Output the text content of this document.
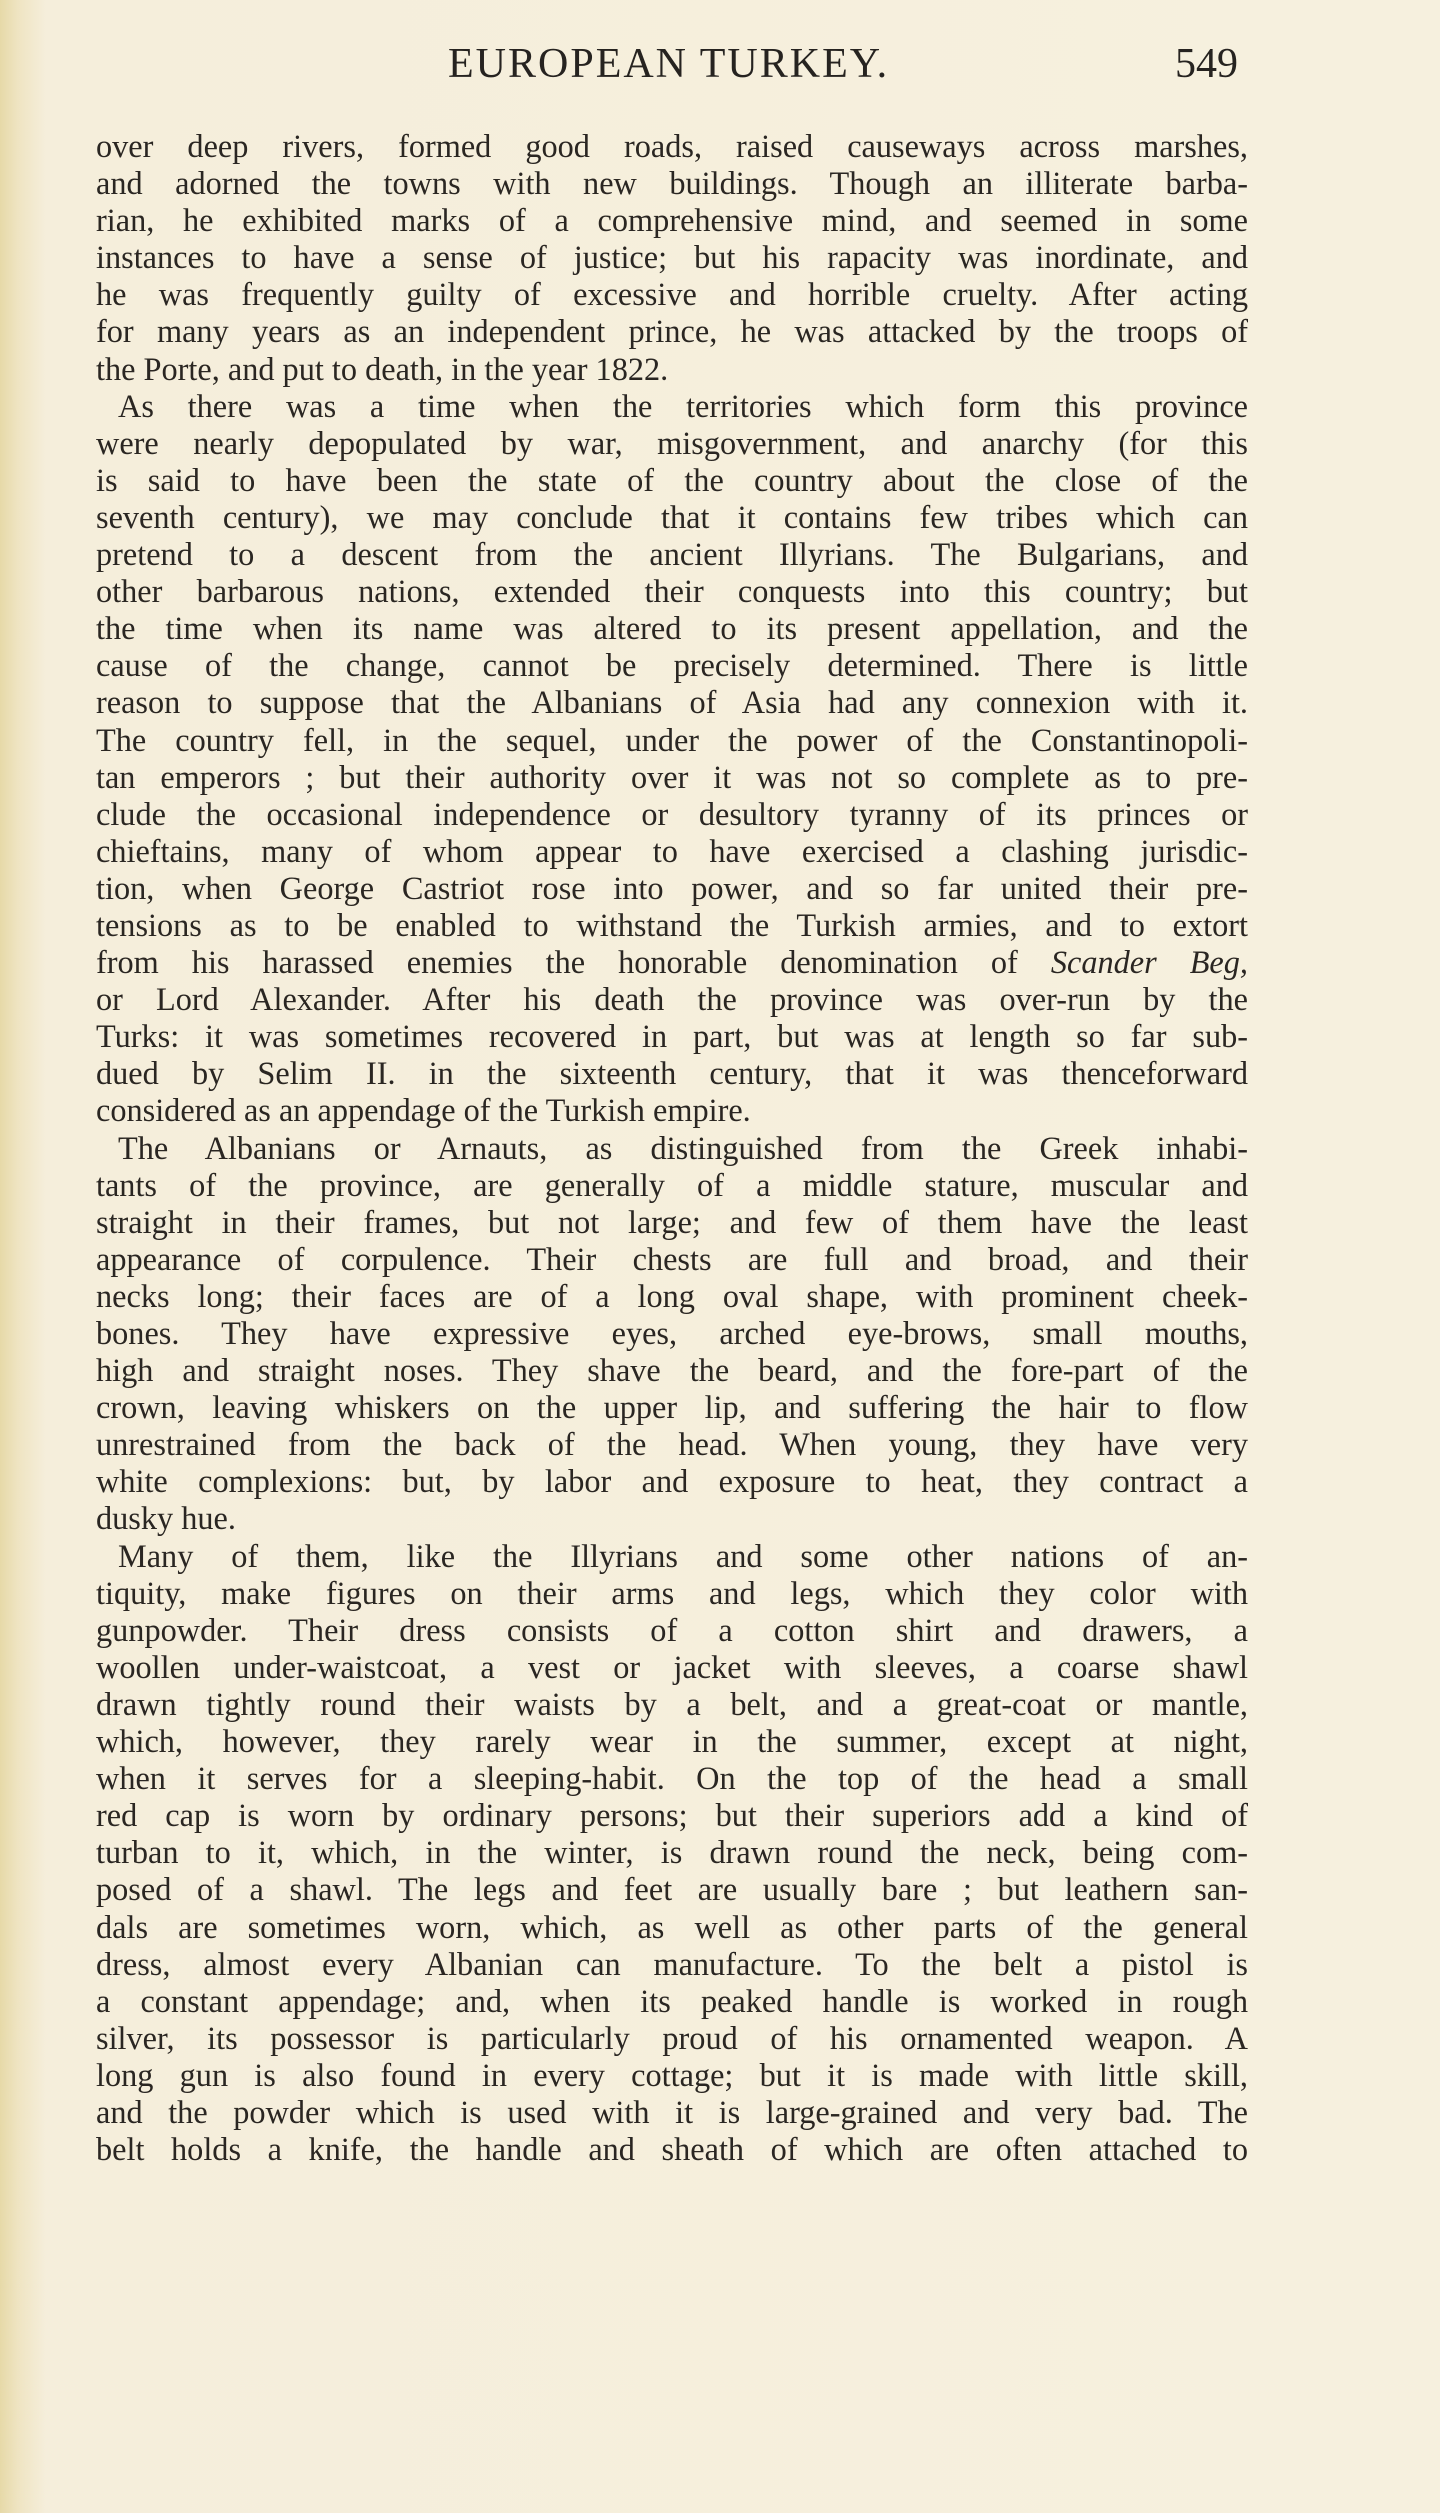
EUROPEAN TURKEY.	549
over deep rivers, formed good roads, raised causeways across marshes,
and adorned the towns with new buildings. Though an illiterate barba-
rian, he exhibited marks of a comprehensive mind, and seemed in some
instances to have a sense of justice; but his rapacity was inordinate, and
he was frequently guilty of excessive and horrible cruelty. After acting
for many years as an independent prince, he was attacked by the troops of
the Porte, and put to death, in the year 1822.
As there was a time when the territories which form this province
were nearly depopulated by war, misgovernment, and anarchy (for this
is said to have been the state of the country about the close of the
seventh century), we may conclude that it contains few tribes which can
pretend to a descent from the ancient Illyrians. The Bulgarians, and
other barbarous nations, extended their conquests into this country; but
the time when its name was altered to its present appellation, and the
cause of the change, cannot be precisely determined. There is little
reason to suppose that the Albanians of Asia had any connexion with it.
The country fell, in the sequel, under the power of the Constantinopoli-
tan emperors ; but their authority over it was not so complete as to pre-
clude the occasional independence or desultory tyranny of its princes or
chieftains, many of whom appear to have exercised a clashing jurisdic-
tion, when George Castriot rose into power, and so far united their pre-
tensions as to be enabled to withstand the Turkish armies, and to extort
from his harassed enemies the honorable denomination of Scander Beg,
or Lord Alexander. After his death the province was over-run by the
Turks: it was sometimes recovered in part, but was at length so far sub-
dued by Selim II. in the sixteenth century, that it was thenceforward
considered as an appendage of the Turkish empire.
The Albanians or Arnauts, as distinguished from the Greek inhabi-
tants of the province, are generally of a middle stature, muscular and
straight in their frames, but not large; and few of them have the least
appearance of corpulence. Their chests are full and broad, and their
necks long; their faces are of a long oval shape, with prominent cheek-
bones. They have expressive eyes, arched eye-brows, small mouths,
high and straight noses. They shave the beard, and the fore-part of the
crown, leaving whiskers on the upper lip, and suffering the hair to flow
unrestrained from the back of the head. When young, they have very
white complexions: but, by labor and exposure to heat, they contract a
dusky hue.
Many of them, like the Illyrians and some other nations of an-
tiquity, make figures on their arms and legs, which they color with
gunpowder. Their dress consists of a cotton shirt and drawers, a
woollen under-waistcoat, a vest or jacket with sleeves, a coarse shawl
drawn tightly round their waists by a belt, and a great-coat or mantle,
which, however, they rarely wear in the summer, except at night,
when it serves for a sleeping-habit. On the top of the head a small
red cap is worn by ordinary persons; but their superiors add a kind of
turban to it, which, in the winter, is drawn round the neck, being com-
posed of a shawl. The legs and feet are usually bare ; but leathern san-
dals are sometimes worn, which, as well as other parts of the general
dress, almost every Albanian can manufacture. To the belt a pistol is
a constant appendage; and, when its peaked handle is worked in rough
silver, its possessor is particularly proud of his ornamented weapon. A
long gun is also found in every cottage; but it is made with little skill,
and the powder which is used with it is large-grained and very bad. The
belt holds a knife, the handle and sheath of which are often attached to
